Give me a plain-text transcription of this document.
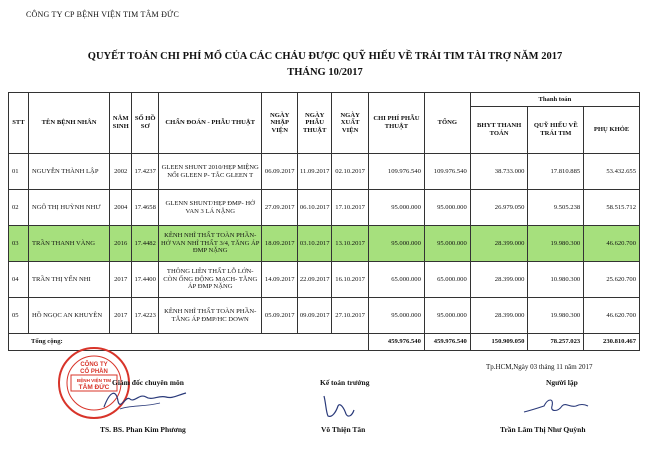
CÔNG TY CP BỆNH VIỆN TIM TÂM ĐỨC
QUYẾT TOÁN CHI PHÍ MỔ CỦA CÁC CHÁU ĐƯỢC QUỸ HIẾU VỀ TRÁI TIM TÀI TRỢ NĂM 2017
THÁNG 10/2017
STT	TÊN BỆNH NHÂN	NĂM SINH	SỐ HỒ SƠ	CHẨN ĐOÁN - PHẪU THUẬT	NGÀY NHẬP VIỆN	NGÀY PHẪU THUẬT	NGÀY XUẤT VIỆN	CHI PHÍ PHẪU THUẬT	TỔNG	Thanh toán		
										BHYT THANH TOÁN	QUỸ HIẾU VỀ TRÁI TIM	PHỤ KHỎE
01	NGUYỄN THÀNH LẬP	2002	17.4237	GLEEN SHUNT 2010/HẸP MIỆNG NỐI GLEEN P- TẮC GLEEN T	06.09.2017	11.09.2017	02.10.2017	109.976.540	109.976.540	38.733.000	17.810.885	53.432.655
02	NGÔ THỊ HUỲNH NHƯ	2004	17.4658	GLENN SHUNT/HẸP ĐMP- HỞ VAN 3 LÁ NẶNG	27.09.2017	06.10.2017	17.10.2017	95.000.000	95.000.000	26.979.050	9.505.238	58.515.712
03	TRẦN THANH VÀNG	2016	17.4482	KÊNH NHĨ THẤT TOÀN PHẦN- HỞ VAN NHĨ THẤT 3/4, TĂNG ÁP ĐMP NẶNG	18.09.2017	03.10.2017	13.10.2017	95.000.000	95.000.000	28.399.000	19.980.300	46.620.700
04	TRẦN THỊ YẾN NHI	2017	17.4400	THÔNG LIÊN THẤT LỖ LỚN- CÒN ỐNG ĐỘNG MẠCH- TĂNG ÁP ĐMP NẶNG	14.09.2017	22.09.2017	16.10.2017	65.000.000	65.000.000	28.399.000	10.980.300	25.620.700
05	HỒ NGỌC AN KHUYÊN	2017	17.4223	KÊNH NHĨ THẤT TOÀN PHẦN- TĂNG ÁP ĐMP/HC DOWN	05.09.2017	09.09.2017	27.10.2017	95.000.000	95.000.000	28.399.000	19.980.300	46.620.700
Tổng cộng:								459.976.540	459.976.540	150.909.050	78.257.023	230.810.467
Tp.HCM,Ngày 03 tháng 11 năm 2017
CÔNG TY
CỔ PHẦN
BỆNH VIỆN TIM
TÂM ĐỨC
Giám đốc chuyên môn
TS. BS. Phan Kim Phương
Kế toán trưởng
Võ Thiện Tân
Người lập
Trần Lâm Thị Như Quỳnh
